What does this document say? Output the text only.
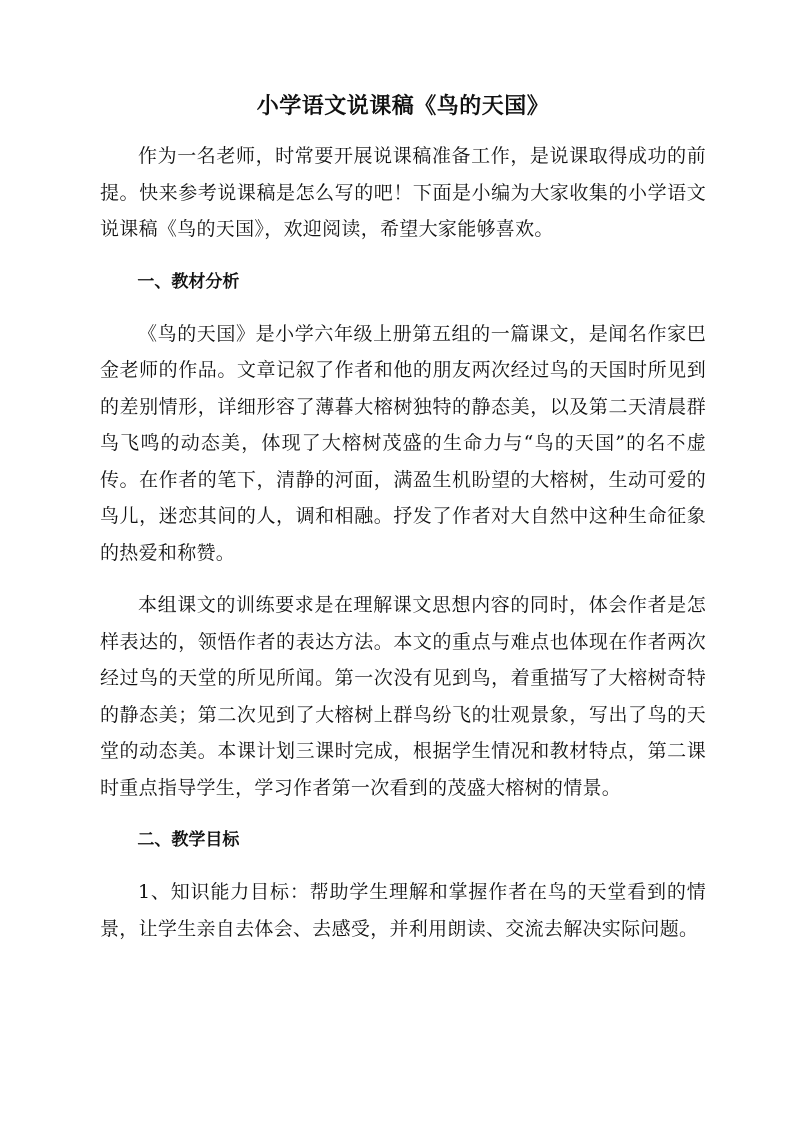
小学语文说课稿《鸟的天国》

作为一名老师，时常要开展说课稿准备工作，是说课取得成功的前提。快来参考说课稿是怎么写的吧！下面是小编为大家收集的小学语文说课稿《鸟的天国》，欢迎阅读，希望大家能够喜欢。

一、教材分析

《鸟的天国》是小学六年级上册第五组的一篇课文，是闻名作家巴金老师的作品。文章记叙了作者和他的朋友两次经过鸟的天国时所见到的差别情形，详细形容了薄暮大榕树独特的静态美，以及第二天清晨群鸟飞鸣的动态美，体现了大榕树茂盛的生命力与“鸟的天国”的名不虚传。在作者的笔下，清静的河面，满盈生机盼望的大榕树，生动可爱的鸟儿，迷恋其间的人，调和相融。抒发了作者对大自然中这种生命征象的热爱和称赞。

本组课文的训练要求是在理解课文思想内容的同时，体会作者是怎样表达的，领悟作者的表达方法。本文的重点与难点也体现在作者两次经过鸟的天堂的所见所闻。第一次没有见到鸟，着重描写了大榕树奇特的静态美；第二次见到了大榕树上群鸟纷飞的壮观景象，写出了鸟的天堂的动态美。本课计划三课时完成，根据学生情况和教材特点，第二课时重点指导学生，学习作者第一次看到的茂盛大榕树的情景。

二、教学目标

1、知识能力目标：帮助学生理解和掌握作者在鸟的天堂看到的情景，让学生亲自去体会、去感受，并利用朗读、交流去解决实际问题。
